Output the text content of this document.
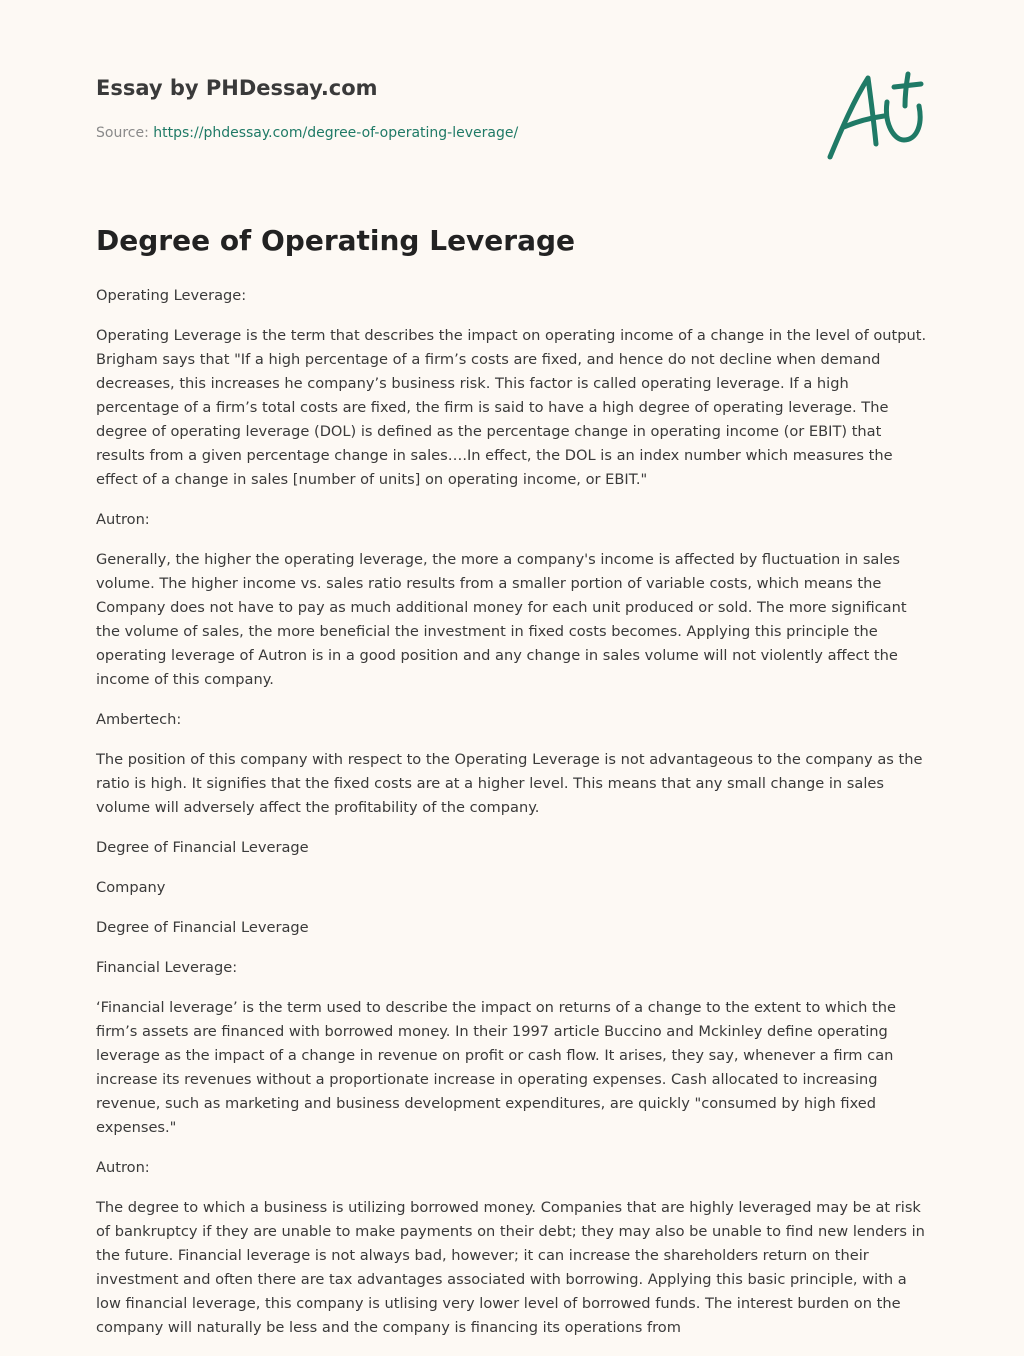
Essay by PHDessay.com
Source: https://phdessay.com/degree-of-operating-leverage/
Degree of Operating Leverage

Operating Leverage:

Operating Leverage is the term that describes the impact on operating income of a change in the level of output. Brigham says that "If a high percentage of a firm’s costs are fixed, and hence do not decline when demand decreases, this increases he company’s business risk. This factor is called operating leverage. If a high percentage of a firm’s total costs are fixed, the firm is said to have a high degree of operating leverage. The degree of operating leverage (DOL) is defined as the percentage change in operating income (or EBIT) that results from a given percentage change in sales….In effect, the DOL is an index number which measures the effect of a change in sales [number of units] on operating income, or EBIT."

Autron:

Generally, the higher the operating leverage, the more a company's income is affected by fluctuation in sales volume. The higher income vs. sales ratio results from a smaller portion of variable costs, which means the Company does not have to pay as much additional money for each unit produced or sold. The more significant the volume of sales, the more beneficial the investment in fixed costs becomes. Applying this principle the operating leverage of Autron is in a good position and any change in sales volume will not violently affect the income of this company.

Ambertech:

The position of this company with respect to the Operating Leverage is not advantageous to the company as the ratio is high. It signifies that the fixed costs are at a higher level. This means that any small change in sales volume will adversely affect the profitability of the company.

Degree of Financial Leverage

Company

Degree of Financial Leverage

Financial Leverage:

‘Financial leverage’ is the term used to describe the impact on returns of a change to the extent to which the firm’s assets are financed with borrowed money. In their 1997 article Buccino and Mckinley define operating leverage as the impact of a change in revenue on profit or cash flow. It arises, they say, whenever a firm can increase its revenues without a proportionate increase in operating expenses. Cash allocated to increasing revenue, such as marketing and business development expenditures, are quickly "consumed by high fixed expenses."

Autron:

The degree to which a business is utilizing borrowed money. Companies that are highly leveraged may be at risk of bankruptcy if they are unable to make payments on their debt; they may also be unable to find new lenders in the future. Financial leverage is not always bad, however; it can increase the shareholders return on their investment and often there are tax advantages associated with borrowing. Applying this basic principle, with a low financial leverage, this company is utlising very lower level of borrowed funds. The interest burden on the company will naturally be less and the company is financing its operations from
